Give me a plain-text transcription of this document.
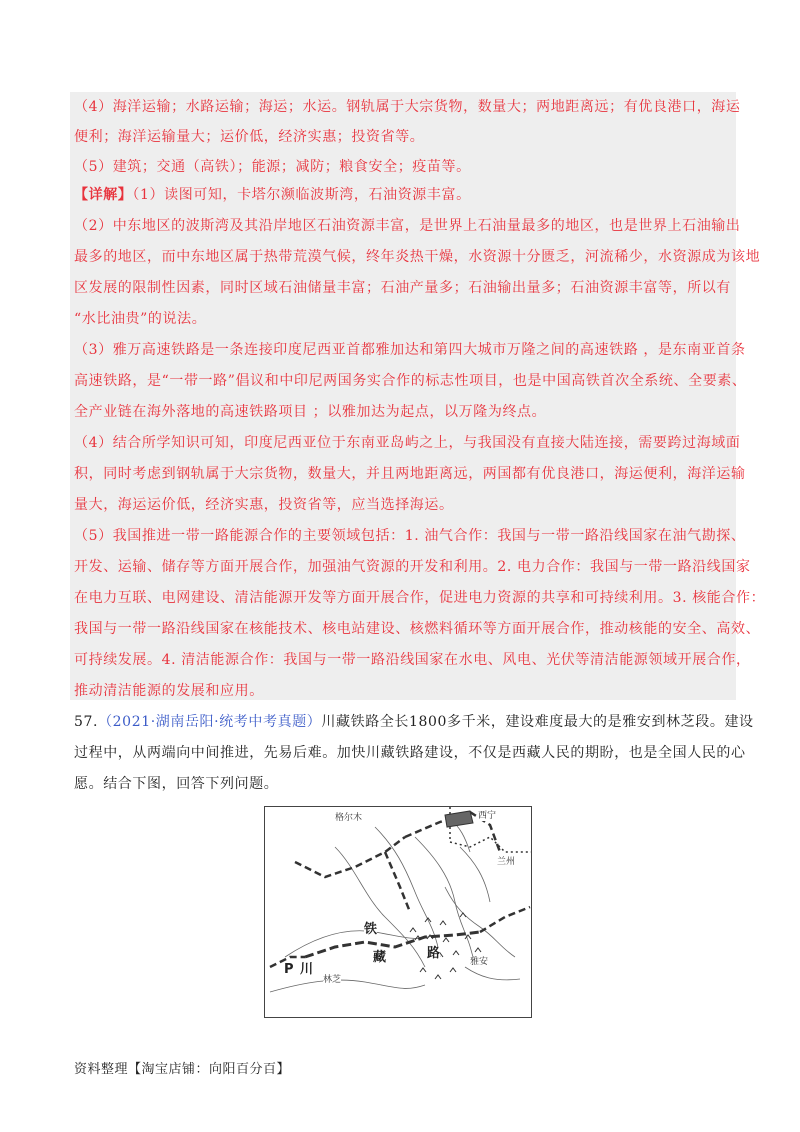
（4）海洋运输；水路运输；海运；水运。钢轨属于大宗货物，数量大；两地距离远；有优良港口，海运
便利；海洋运输量大；运价低，经济实惠；投资省等。
（5）建筑；交通（高铁）；能源；减防；粮食安全；疫苗等。
【详解】（1）读图可知，卡塔尔濒临波斯湾，石油资源丰富。
（2）中东地区的波斯湾及其沿岸地区石油资源丰富，是世界上石油量最多的地区，也是世界上石油输出
最多的地区，而中东地区属于热带荒漠气候，终年炎热干燥，水资源十分匮乏，河流稀少，水资源成为该地
区发展的限制性因素，同时区域石油储量丰富；石油产量多；石油输出量多；石油资源丰富等，所以有
“水比油贵”的说法。
（3）雅万高速铁路是一条连接印度尼西亚首都雅加达和第四大城市万隆之间的高速铁路 ，是东南亚首条
高速铁路，是“一带一路”倡议和中印尼两国务实合作的标志性项目，也是中国高铁首次全系统、全要素、
全产业链在海外落地的高速铁路项目 ；以雅加达为起点，以万隆为终点。
（4）结合所学知识可知，印度尼西亚位于东南亚岛屿之上，与我国没有直接大陆连接，需要跨过海域面
积，同时考虑到钢轨属于大宗货物，数量大，并且两地距离远，两国都有优良港口，海运便利，海洋运输
量大，海运运价低，经济实惠，投资省等，应当选择海运。
（5）我国推进一带一路能源合作的主要领域包括：1. 油气合作：我国与一带一路沿线国家在油气勘探、
开发、运输、储存等方面开展合作，加强油气资源的开发和利用。2. 电力合作：我国与一带一路沿线国家
在电力互联、电网建设、清洁能源开发等方面开展合作，促进电力资源的共享和可持续利用。3. 核能合作：
我国与一带一路沿线国家在核能技术、核电站建设、核燃料循环等方面开展合作，推动核能的安全、高效、
可持续发展。4. 清洁能源合作：我国与一带一路沿线国家在水电、风电、光伏等清洁能源领域开展合作，
推动清洁能源的发展和应用。
57.（2021·湖南岳阳·统考中考真题）川藏铁路全长1800多千米，建设难度最大的是雅安到林芝段。建设
过程中，从两端向中间推进，先易后难。加快川藏铁路建设，不仅是西藏人民的期盼，也是全国人民的心
愿。结合下图，回答下列问题。
格尔木	西宁
兰州
铁
藏	路
P 川
林芝
雅安
资料整理【淘宝店铺：向阳百分百】
